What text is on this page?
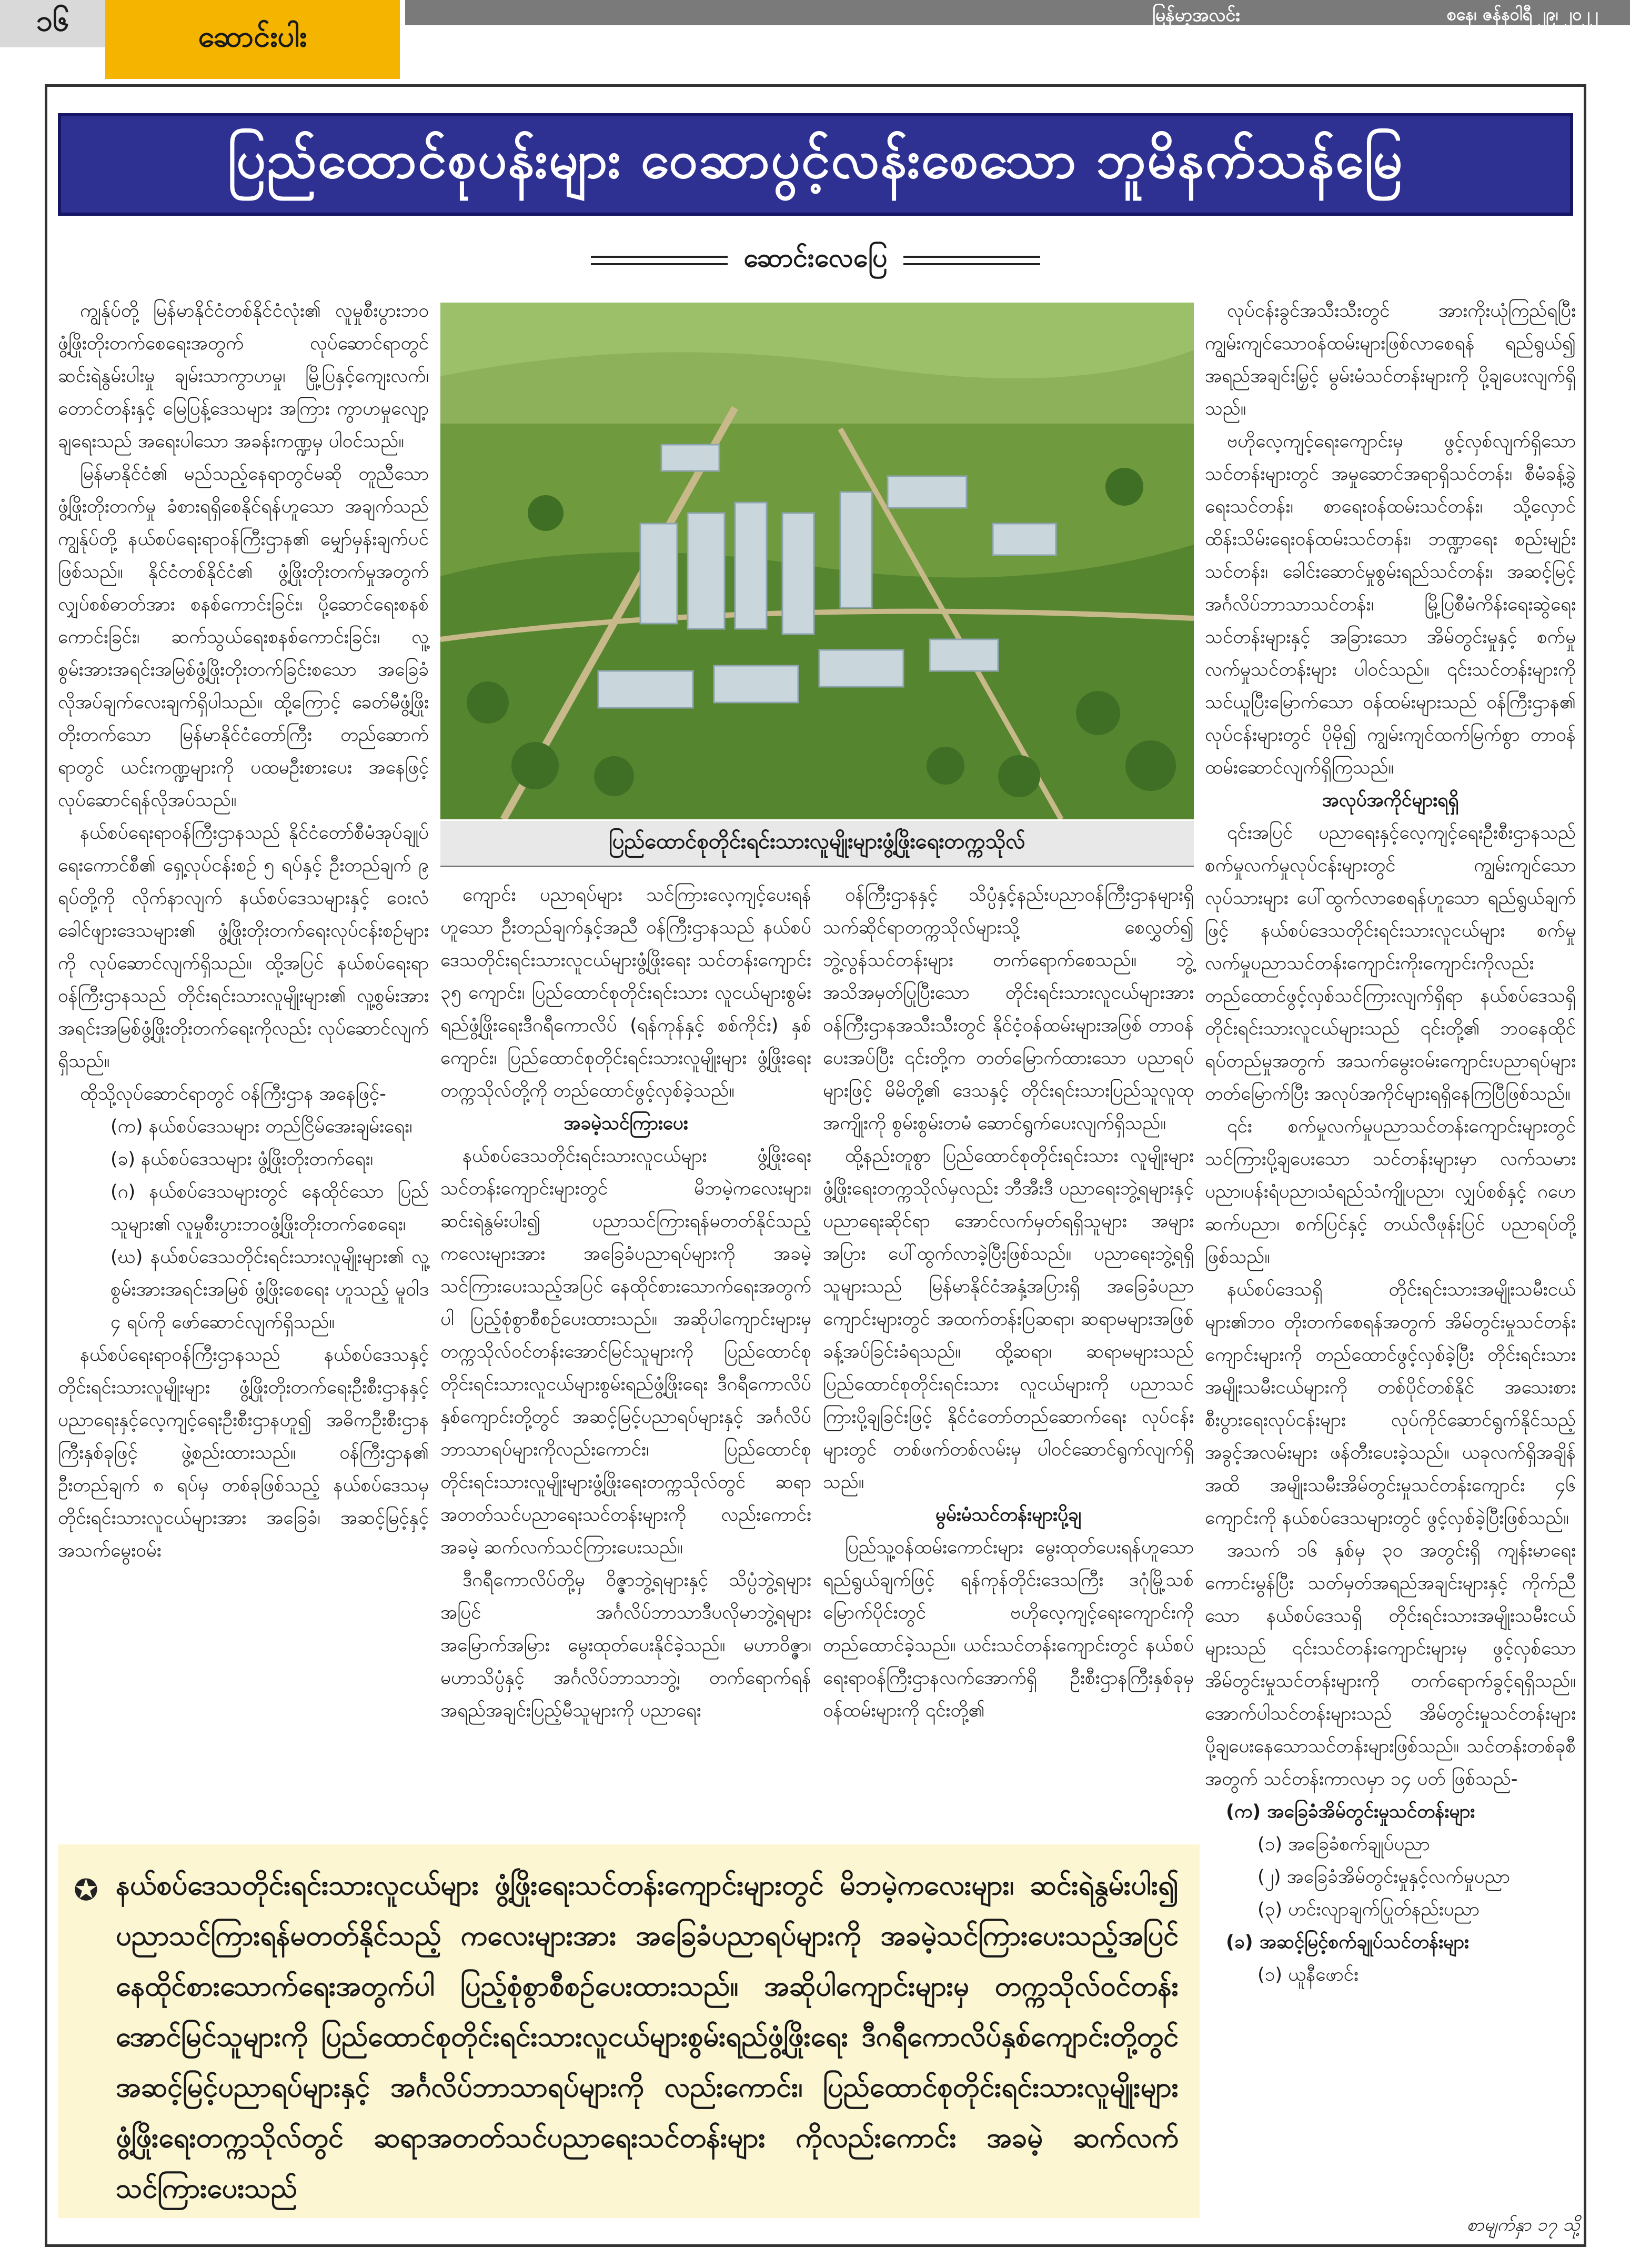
၁၆	ဆောင်းပါး
မြန်မာ့အလင်း	စနေ၊ ဇန်နဝါရီ ၂၉၊ ၂၀၂၂
ပြည်ထောင်စုပန်းများ ဝေဆာပွင့်လန်းစေသော ဘူမိနက်သန်မြေ
ဆောင်းလေပြေ

ကျွန်ုပ်တို့ မြန်မာနိုင်ငံတစ်နိုင်ငံလုံး၏ လူမှုစီးပွားဘဝဖွံ့ဖြိုးတိုးတက်စေရေးအတွက် လုပ်ဆောင်ရာတွင် ဆင်းရဲနွမ်းပါးမှု ချမ်းသာကွာဟမှု၊ မြို့ပြနှင့်ကျေးလက်၊ တောင်တန်းနှင့် မြေပြန့်ဒေသများ အကြား ကွာဟမှုလျော့ချရေးသည် အရေးပါသော အခန်းကဏ္ဍမှ ပါဝင်သည်။

မြန်မာနိုင်ငံ၏ မည်သည့်နေရာတွင်မဆို တူညီသော ဖွံ့ဖြိုးတိုးတက်မှု ခံစားရရှိစေနိုင်ရန်ဟူသော အချက်သည် ကျွန်ုပ်တို့ နယ်စပ်ရေးရာဝန်ကြီးဌာန၏ မျှော်မှန်းချက်ပင်ဖြစ်သည်။ နိုင်ငံတစ်နိုင်ငံ၏ ဖွံ့ဖြိုးတိုးတက်မှုအတွက် လျှပ်စစ်ဓာတ်အား စနစ်ကောင်းခြင်း၊ ပို့ဆောင်ရေးစနစ်ကောင်းခြင်း၊ ဆက်သွယ်ရေးစနစ်ကောင်းခြင်း၊ လူ့စွမ်းအားအရင်းအမြစ်ဖွံ့ဖြိုးတိုးတက်ခြင်းစသော အခြေခံလိုအပ်ချက်လေးချက်ရှိပါသည်။ ထို့ကြောင့် ခေတ်မီဖွံ့ဖြိုးတိုးတက်သော မြန်မာနိုင်ငံတော်ကြီး တည်ဆောက်ရာတွင် ယင်းကဏ္ဍများကို ပထမဦးစားပေး အနေဖြင့် လုပ်ဆောင်ရန်လိုအပ်သည်။

နယ်စပ်ရေးရာဝန်ကြီးဌာနသည် နိုင်ငံတော်စီမံအုပ်ချုပ်ရေးကောင်စီ၏ ရှေ့လုပ်ငန်းစဉ် ၅ ရပ်နှင့် ဦးတည်ချက် ၉ ရပ်တို့ကို လိုက်နာလျက် နယ်စပ်ဒေသများနှင့် ဝေးလံခေါင်ဖျားဒေသများ၏ ဖွံ့ဖြိုးတိုးတက်ရေးလုပ်ငန်းစဉ်များကို လုပ်ဆောင်လျက်ရှိသည်။ ထို့အပြင် နယ်စပ်ရေးရာဝန်ကြီးဌာနသည် တိုင်းရင်းသားလူမျိုးများ၏ လူ့စွမ်းအားအရင်းအမြစ်ဖွံ့ဖြိုးတိုးတက်ရေးကိုလည်း လုပ်ဆောင်လျက်ရှိသည်။

ထိုသို့လုပ်ဆောင်ရာတွင် ဝန်ကြီးဌာန အနေဖြင့်-

(က) နယ်စပ်ဒေသများ တည်ငြိမ်အေးချမ်းရေး၊

(ခ) နယ်စပ်ဒေသများ ဖွံ့ဖြိုးတိုးတက်ရေး၊

(ဂ) နယ်စပ်ဒေသများတွင် နေထိုင်သော ပြည်သူများ၏ လူမှုစီးပွားဘဝဖွံ့ဖြိုးတိုးတက်စေရေး၊

(ဃ) နယ်စပ်ဒေသတိုင်းရင်းသားလူမျိုးများ၏ လူ့စွမ်းအားအရင်းအမြစ် ဖွံ့ဖြိုးစေရေး ဟူသည့် မူဝါဒ ၄ ရပ်ကို ဖော်ဆောင်လျက်ရှိသည်။

နယ်စပ်ရေးရာဝန်ကြီးဌာနသည် နယ်စပ်ဒေသနှင့် တိုင်းရင်းသားလူမျိုးများ ဖွံ့ဖြိုးတိုးတက်ရေးဦးစီးဌာနနှင့် ပညာရေးနှင့်လေ့ကျင့်ရေးဦးစီးဌာနဟူ၍ အဓိကဦးစီးဌာနကြီးနှစ်ခုဖြင့် ဖွဲ့စည်းထားသည်။ ဝန်ကြီးဌာန၏ ဦးတည်ချက် ၈ ရပ်မှ တစ်ခုဖြစ်သည့် နယ်စပ်ဒေသမှ တိုင်းရင်းသားလူငယ်များအား အခြေခံ၊ အဆင့်မြင့်နှင့် အသက်မွေးဝမ်း

ပြည်ထောင်စုတိုင်းရင်းသားလူမျိုးများဖွံ့ဖြိုးရေးတက္ကသိုလ်

ကျောင်း ပညာရပ်များ သင်ကြားလေ့ကျင့်ပေးရန် ဟူသော ဦးတည်ချက်နှင့်အညီ ဝန်ကြီးဌာနသည် နယ်စပ်ဒေသတိုင်းရင်းသားလူငယ်များဖွံ့ဖြိုးရေး သင်တန်းကျောင်း ၃၅ ကျောင်း၊ ပြည်ထောင်စုတိုင်းရင်းသား လူငယ်များစွမ်းရည်ဖွံ့ဖြိုးရေးဒီဂရီကောလိပ် (ရန်ကုန်နှင့် စစ်ကိုင်း) နှစ်ကျောင်း၊ ပြည်ထောင်စုတိုင်းရင်းသားလူမျိုးများ ဖွံ့ဖြိုးရေးတက္ကသိုလ်တို့ကို တည်ထောင်ဖွင့်လှစ်ခဲ့သည်။

အခမဲ့သင်ကြားပေး

နယ်စပ်ဒေသတိုင်းရင်းသားလူငယ်များ ဖွံ့ဖြိုးရေးသင်တန်းကျောင်းများတွင် မိဘမဲ့ကလေးများ၊ ဆင်းရဲနွမ်းပါး၍ ပညာသင်ကြားရန်မတတ်နိုင်သည့် ကလေးများအား အခြေခံပညာရပ်များကို အခမဲ့ သင်ကြားပေးသည့်အပြင် နေထိုင်စားသောက်ရေးအတွက်ပါ ပြည့်စုံစွာစီစဉ်ပေးထားသည်။ အဆိုပါကျောင်းများမှ တက္ကသိုလ်ဝင်တန်းအောင်မြင်သူများကို ပြည်ထောင်စုတိုင်းရင်းသားလူငယ်များစွမ်းရည်ဖွံ့ဖြိုးရေး ဒီဂရီကောလိပ်နှစ်ကျောင်းတို့တွင် အဆင့်မြင့်ပညာရပ်များနှင့် အင်္ဂလိပ်ဘာသာရပ်များကိုလည်းကောင်း၊ ပြည်ထောင်စုတိုင်းရင်းသားလူမျိုးများဖွံ့ဖြိုးရေးတက္ကသိုလ်တွင် ဆရာအတတ်သင်ပညာရေးသင်တန်းများကို လည်းကောင်း အခမဲ့ ဆက်လက်သင်ကြားပေးသည်။

ဒီဂရီကောလိပ်တို့မှ ဝိဇ္ဇာဘွဲ့ရများနှင့် သိပ္ပံဘွဲ့ရများအပြင် အင်္ဂလိပ်ဘာသာဒီပလိုမာဘွဲ့ရများ အမြောက်အမြား မွေးထုတ်ပေးနိုင်ခဲ့သည်။ မဟာဝိဇ္ဇာ၊ မဟာသိပ္ပံနှင့် အင်္ဂလိပ်ဘာသာဘွဲ့၊ တက်ရောက်ရန် အရည်အချင်းပြည့်မီသူများကို ပညာရေး

ဝန်ကြီးဌာနနှင့် သိပ္ပံနှင့်နည်းပညာဝန်ကြီးဌာနများရှိ သက်ဆိုင်ရာတက္ကသိုလ်များသို့ စေလွှတ်၍ ဘွဲ့လွန်သင်တန်းများ တက်ရောက်စေသည်။ ဘွဲ့အသိအမှတ်ပြုပြီးသော တိုင်းရင်းသားလူငယ်များအား ဝန်ကြီးဌာနအသီးသီးတွင် နိုင်ငံ့ဝန်ထမ်းများအဖြစ် တာဝန်ပေးအပ်ပြီး ၎င်းတို့က တတ်မြောက်ထားသော ပညာရပ်များဖြင့် မိမိတို့၏ ဒေသနှင့် တိုင်းရင်းသားပြည်သူလူထုအကျိုးကို စွမ်းစွမ်းတမံ ဆောင်ရွက်ပေးလျက်ရှိသည်။

ထို့နည်းတူစွာ ပြည်ထောင်စုတိုင်းရင်းသား လူမျိုးများဖွံ့ဖြိုးရေးတက္ကသိုလ်မှလည်း ဘီအီးဒီ ပညာရေးဘွဲ့ရများနှင့် ပညာရေးဆိုင်ရာ အောင်လက်မှတ်ရရှိသူများ အများအပြား ပေါ်ထွက်လာခဲ့ပြီးဖြစ်သည်။ ပညာရေးဘွဲ့ရရှိသူများသည် မြန်မာနိုင်ငံအနှံ့အပြားရှိ အခြေခံပညာကျောင်းများတွင် အထက်တန်းပြဆရာ၊ ဆရာမများအဖြစ် ခန့်အပ်ခြင်းခံရသည်။ ထို့ဆရာ၊ ဆရာမများသည် ပြည်ထောင်စုတိုင်းရင်းသား လူငယ်များကို ပညာသင်ကြားပို့ချခြင်းဖြင့် နိုင်ငံတော်တည်ဆောက်ရေး လုပ်ငန်းများတွင် တစ်ဖက်တစ်လမ်းမှ ပါဝင်ဆောင်ရွက်လျက်ရှိသည်။

မွမ်းမံသင်တန်းများပို့ချ

ပြည်သူ့ဝန်ထမ်းကောင်းများ မွေးထုတ်ပေးရန်ဟူသော ရည်ရွယ်ချက်ဖြင့် ရန်ကုန်တိုင်းဒေသကြီး ဒဂုံမြို့သစ်မြောက်ပိုင်းတွင် ဗဟိုလေ့ကျင့်ရေးကျောင်းကို တည်ထောင်ခဲ့သည်။ ယင်းသင်တန်းကျောင်းတွင် နယ်စပ်ရေးရာဝန်ကြီးဌာနလက်အောက်ရှိ ဦးစီးဌာနကြီးနှစ်ခုမှ ဝန်ထမ်းများကို ၎င်းတို့၏

လုပ်ငန်းခွင်အသီးသီးတွင် အားကိုးယုံကြည်ရပြီး ကျွမ်းကျင်သောဝန်ထမ်းများဖြစ်လာစေရန် ရည်ရွယ်၍ အရည်အချင်းမြှင့် မွမ်းမံသင်တန်းများကို ပို့ချပေးလျက်ရှိသည်။

ဗဟိုလေ့ကျင့်ရေးကျောင်းမှ ဖွင့်လှစ်လျက်ရှိသော သင်တန်းများတွင် အမှုဆောင်အရာရှိသင်တန်း၊ စီမံခန့်ခွဲရေးသင်တန်း၊ စာရေးဝန်ထမ်းသင်တန်း၊ သို့လှောင်ထိန်းသိမ်းရေးဝန်ထမ်းသင်တန်း၊ ဘဏ္ဍာရေး စည်းမျဉ်းသင်တန်း၊ ခေါင်းဆောင်မှုစွမ်းရည်သင်တန်း၊ အဆင့်မြင့်အင်္ဂလိပ်ဘာသာသင်တန်း၊ မြို့ပြစီမံကိန်းရေးဆွဲရေးသင်တန်းများနှင့် အခြားသော အိမ်တွင်းမှုနှင့် စက်မှုလက်မှုသင်တန်းများ ပါဝင်သည်။ ၎င်းသင်တန်းများကို သင်ယူပြီးမြောက်သော ဝန်ထမ်းများသည် ဝန်ကြီးဌာန၏ လုပ်ငန်းများတွင် ပိုမို၍ ကျွမ်းကျင်ထက်မြက်စွာ တာဝန်ထမ်းဆောင်လျက်ရှိကြသည်။

အလုပ်အကိုင်များရရှိ

၎င်းအပြင် ပညာရေးနှင့်လေ့ကျင့်ရေးဦးစီးဌာနသည် စက်မှုလက်မှုလုပ်ငန်းများတွင် ကျွမ်းကျင်သော လုပ်သားများ ပေါ်ထွက်လာစေရန်ဟူသော ရည်ရွယ်ချက်ဖြင့် နယ်စပ်ဒေသတိုင်းရင်းသားလူငယ်များ စက်မှုလက်မှုပညာသင်တန်းကျောင်းကိုးကျောင်းကိုလည်း တည်ထောင်ဖွင့်လှစ်သင်ကြားလျက်ရှိရာ နယ်စပ်ဒေသရှိ တိုင်းရင်းသားလူငယ်များသည် ၎င်းတို့၏ ဘဝနေထိုင်ရပ်တည်မှုအတွက် အသက်မွေးဝမ်းကျောင်းပညာရပ်များ တတ်မြောက်ပြီး အလုပ်အကိုင်များရရှိနေကြပြီဖြစ်သည်။

၎င်း စက်မှုလက်မှုပညာသင်တန်းကျောင်းများတွင် သင်ကြားပို့ချပေးသော သင်တန်းများမှာ လက်သမားပညာ၊ပန်းရံပညာ၊သံရည်သံကျိုပညာ၊ လျှပ်စစ်နှင့် ဂဟေဆက်ပညာ၊ စက်ပြင်နှင့် တယ်လီဖုန်းပြင် ပညာရပ်တို့ဖြစ်သည်။

နယ်စပ်ဒေသရှိ တိုင်းရင်းသားအမျိုးသမီးငယ်များ၏ဘဝ တိုးတက်စေရန်အတွက် အိမ်တွင်းမှုသင်တန်းကျောင်းများကို တည်ထောင်ဖွင့်လှစ်ခဲ့ပြီး တိုင်းရင်းသားအမျိုးသမီးငယ်များကို တစ်ပိုင်တစ်နိုင် အသေးစားစီးပွားရေးလုပ်ငန်းများ လုပ်ကိုင်ဆောင်ရွက်နိုင်သည့်အခွင့်အလမ်းများ ဖန်တီးပေးခဲ့သည်။ ယခုလက်ရှိအချိန်အထိ အမျိုးသမီးအိမ်တွင်းမှုသင်တန်းကျောင်း ၄၆ ကျောင်းကို နယ်စပ်ဒေသများတွင် ဖွင့်လှစ်ခဲ့ပြီးဖြစ်သည်။

အသက် ၁၆ နှစ်မှ ၃၀ အတွင်းရှိ ကျန်းမာရေးကောင်းမွန်ပြီး သတ်မှတ်အရည်အချင်းများနှင့် ကိုက်ညီသော နယ်စပ်ဒေသရှိ တိုင်းရင်းသားအမျိုးသမီးငယ်များသည် ၎င်းသင်တန်းကျောင်းများမှ ဖွင့်လှစ်သော အိမ်တွင်းမှုသင်တန်းများကို တက်ရောက်ခွင့်ရရှိသည်။ အောက်ပါသင်တန်းများသည် အိမ်တွင်းမှုသင်တန်းများ ပို့ချပေးနေသောသင်တန်းများဖြစ်သည်။ သင်တန်းတစ်ခုစီအတွက် သင်တန်းကာလမှာ ၁၄ ပတ် ဖြစ်သည်-

(က) အခြေခံအိမ်တွင်းမှုသင်တန်းများ

(၁) အခြေခံစက်ချုပ်ပညာ

(၂) အခြေခံအိမ်တွင်းမှုနှင့်လက်မှုပညာ

(၃) ဟင်းလျာချက်ပြုတ်နည်းပညာ

(ခ) အဆင့်မြင့်စက်ချုပ်သင်တန်းများ

(၁) ယူနီဖောင်း

✪ နယ်စပ်ဒေသတိုင်းရင်းသားလူငယ်များ ဖွံ့ဖြိုးရေးသင်တန်းကျောင်းများတွင် မိဘမဲ့ကလေးများ၊ ဆင်းရဲနွမ်းပါး၍ ပညာသင်ကြားရန်မတတ်နိုင်သည့် ကလေးများအား အခြေခံပညာရပ်များကို အခမဲ့သင်ကြားပေးသည့်အပြင် နေထိုင်စားသောက်ရေးအတွက်ပါ ပြည့်စုံစွာစီစဉ်ပေးထားသည်။ အဆိုပါကျောင်းများမှ တက္ကသိုလ်ဝင်တန်းအောင်မြင်သူများကို ပြည်ထောင်စုတိုင်းရင်းသားလူငယ်များစွမ်းရည်ဖွံ့ဖြိုးရေး ဒီဂရီကောလိပ်နှစ်ကျောင်းတို့တွင် အဆင့်မြင့်ပညာရပ်များနှင့် အင်္ဂလိပ်ဘာသာရပ်များကို လည်းကောင်း၊ ပြည်ထောင်စုတိုင်းရင်းသားလူမျိုးများဖွံ့ဖြိုးရေးတက္ကသိုလ်တွင် ဆရာအတတ်သင်ပညာရေးသင်တန်းများ ကိုလည်းကောင်း အခမဲ့ ဆက်လက်သင်ကြားပေးသည်
စာမျက်နှာ ၁၇ သို့
